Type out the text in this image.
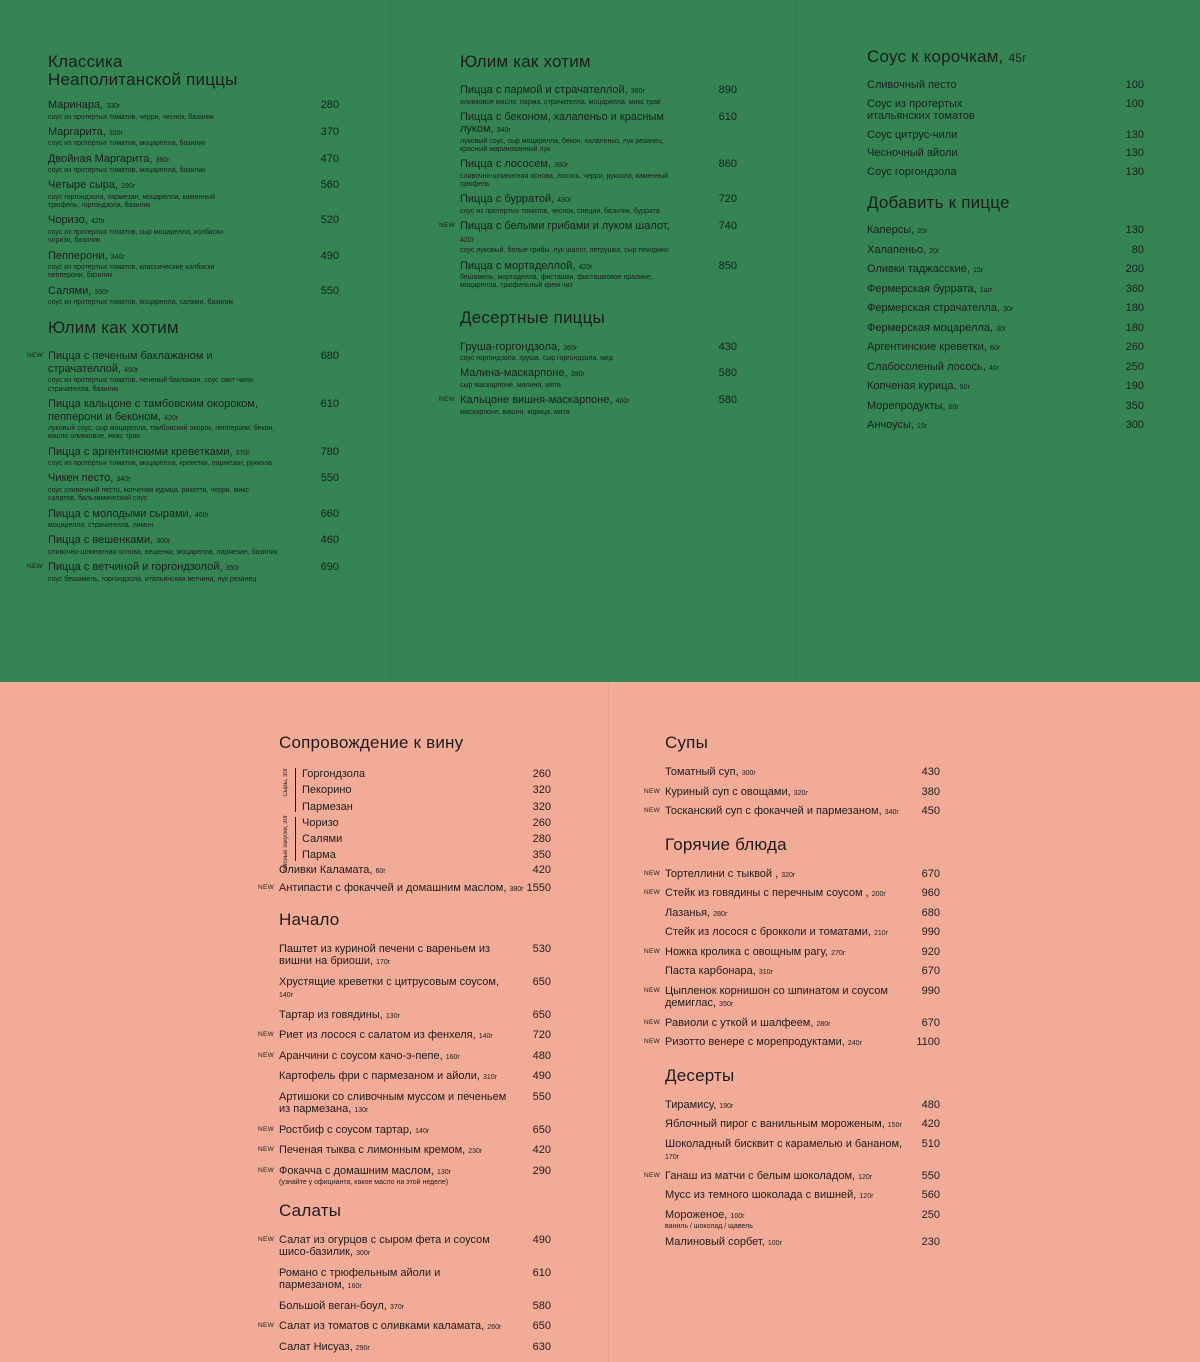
Классика
Неаполитанской пиццы
Маринара, 330г
соус из протертых томатов, черри, чеснок, базилик
280
Маргарита, 320г
соус из протертых томатов, моцарелла, базилик
370
Двойная Маргарита, 360г
соус из протертых томатов, моцарелла, базилик
470
Четыре сыра, 290г
соус горгондзола, пармезан, моцарелла, каменный трюфель, горгондзола, базилик
560
Чоризо, 420г
соус из протертых томатов, сыр моцарелла, колбаски чоризо, базилик
520
Пепперони, 340г
соус из протертых томатов, классические колбаски пепперони, базилик
490
Салями, 350г
соус из протертых томатов, моцарелла, салями, базилик
550
Юлим как хотим
NEW Пицца с печеным баклажаном и страчателлой, 450г
соус из протертых томатов, печеный баклажан, соус свит-чили, страчателла, базилик
680
Пицца кальцоне с тамбовским окороком, пепперони и беконом, 420г
луковый соус, сыр моцарелла, тамбовский окорок, пепперони, бекон, масло оливковое, микс трав
610
Пицца с аргентинскими креветками, 370г
соус из протертых томатов, моцарелла, креветки, пармезан, руккола
780
Чикен песто, 340г
соус сливочный песто, копченая курица, рикотта, черри, микс салатов, бальзамический соус
550
Пицца с молодыми сырами, 460г
моцарелла, страчателла, лимон
660
Пицца с вешенками, 300г
сливочно-шпинатная основа, вешенки, моцарелла, пармезан, базилик
460
NEW Пицца с ветчиной и горгондзолой, 350г
соус бешамель, горгондзола, итальянская ветчина, лук резанец
690
Юлим как хотим
Пицца с пармой и страчателлой, 360г
оливковое масло, парма, страчателла, моцарелла, микс трав
890
Пицца с беконом, халапеньо и красным луком, 340г
луковый соус, сыр моцарелла, бекон, халапеньо, лук резанец, красный маринованный лук
610
Пицца с лососем, 390г
сливочно-шпинатная основа, лосось, черри, руккола, каменный трюфель
860
Пицца с бурратой, 430г
соус из протертых томатов, чеснок, специи, базилик, буррата
720
NEW Пицца с белыми грибами и луком шалот, 420г
соус луковый, белые грибы, лук шалот, петрушка, сыр пекорино
740
Пицца с мортаделлой, 420г
бешамель, мортаделла, фисташки, фисташковое пралине, моцарелла, трюфельный крем чиз
850
Десертные пиццы
Груша-горгондзола, 360г
соус горгондзола, груша, сыр горгондзола, мед
430
Малина-маскарпоне, 390г
сыр маскарпоне, малина, мята
580
NEW Кальцоне вишня-маскарпоне, 400г
маскарпоне, вишня, корица, мята
580
Соус к корочкам, 45г
Сливочный песто	100
Соус из протертых итальянских томатов
100
Соус цитрус-чили	130
Чесночный айоли	130
Соус горгондзола	130
Добавить к пицце
Каперсы, 20г	130
Халапеньо, 20г	80
Оливки таджасские, 15г	200
Фермерская буррата, 1шт	360
Фермерская страчателла, 30г	180
Фермерская моцарелла, 30г	180
Аргентинские креветки, 60г	260
Слабосоленый лосось, 40г	250
Копченая курица, 50г	190
Морепродукты, 60г	350
Анчоусы, 15г	300
Сопровождение к вину
Сыры, 30г Горгондзола	260
Пекорино	320
Пармезан	320
Мясные закуски, 30г Чоризо	260
Салями	280
Парма	350
Оливки Каламата, 60г	420
NEW Антипасти с фокаччей и домашним маслом, 380г 1550
Начало
Паштет из куриной печени с вареньем из вишни на бриоши, 170г
530
Хрустящие креветки с цитрусовым соусом, 140г
650
Тартар из говядины, 130г	650
NEW Риет из лосося с салатом из фенхеля, 140г	720
NEW Аранчини с соусом качо-э-пепе, 160г	480
Картофель фри с пармезаном и айоли, 310г	490
Артишоки со сливочным муссом и печеньем из пармезана, 130г
550
NEW Ростбиф с соусом тартар, 140г	650
NEW Печеная тыква с лимонным кремом, 230г	420
NEW Фокачча с домашним маслом, 130г
(узнайте у официанта, какое масло на этой неделе)
290
Салаты
NEW Салат из огурцов с сыром фета и соусом шисо-базилик, 300г
490
Романо с трюфельным айоли и пармезаном, 160г
610
Большой веган-боул, 370г	580
NEW Салат из томатов с оливками каламата, 260г	650
Салат Нисуаз, 290г	630
Супы
Томатный суп, 300г	430
NEW Куриный суп с овощами, 320г	380
NEW Тосканский суп с фокаччей и пармезаном, 340г	450
Горячие блюда
NEW Тортеллини с тыквой , 320г	670
NEW Стейк из говядины с перечным соусом , 200г	960
Лазанья, 280г	680
Стейк из лосося с брокколи и томатами, 210г	990
NEW Ножка кролика с овощным рагу, 270г	920
Паста карбонара, 310г	670
NEW Цыпленок корнишон со шпинатом и соусом демиглас, 350г
990
NEW Равиоли с уткой и шалфеем, 280г	670
NEW Ризотто венере с морепродуктами, 240г	1100
Десерты
Тирамису, 190г	480
Яблочный пирог с ванильным мороженым, 150г	420
Шоколадный бисквит с карамелью и бананом, 170г
510
NEW Ганаш из матчи с белым шоколадом, 120г	550
Мусс из темного шоколада с вишней, 120г	560
Мороженое, 100г
ваниль / шоколад / щавель
250
Малиновый сорбет, 100г	230
